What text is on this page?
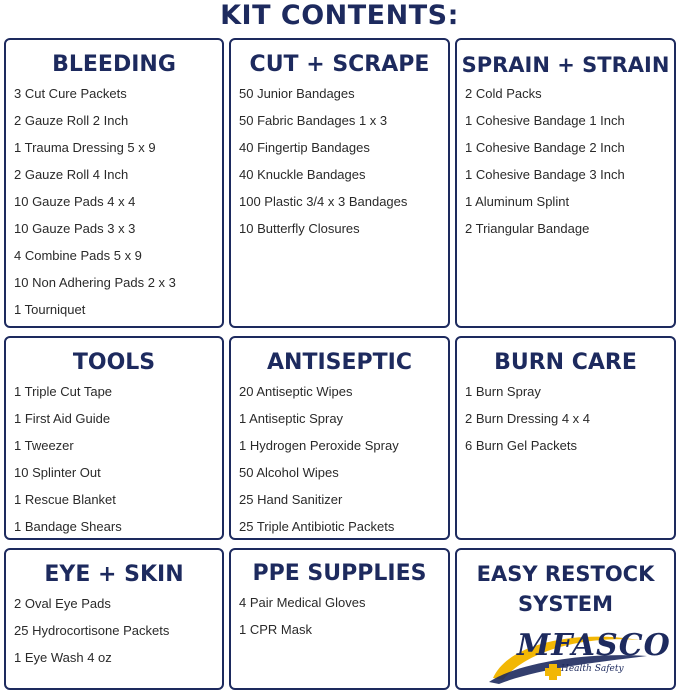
KIT CONTENTS:
BLEEDING
3 Cut Cure Packets
2 Gauze Roll 2 Inch
1 Trauma Dressing 5 x 9
2 Gauze Roll 4 Inch
10 Gauze Pads 4 x 4
10 Gauze Pads 3 x 3
4 Combine Pads 5 x 9
10 Non Adhering Pads 2 x 3
1 Tourniquet
CUT + SCRAPE
50 Junior Bandages
50 Fabric Bandages 1 x 3
40 Fingertip Bandages
40 Knuckle Bandages
100 Plastic 3/4 x 3 Bandages
10 Butterfly Closures
SPRAIN + STRAIN
2 Cold Packs
1 Cohesive Bandage 1 Inch
1 Cohesive Bandage 2 Inch
1 Cohesive Bandage 3 Inch
1 Aluminum Splint
2 Triangular Bandage
TOOLS
1 Triple Cut Tape
1 First Aid Guide
1 Tweezer
10 Splinter Out
1 Rescue Blanket
1 Bandage Shears
ANTISEPTIC
20 Antiseptic Wipes
1 Antiseptic Spray
1 Hydrogen Peroxide Spray
50 Alcohol Wipes
25 Hand Sanitizer
25 Triple Antibiotic Packets
BURN CARE
1 Burn Spray
2 Burn Dressing 4 x 4
6 Burn Gel Packets
EYE + SKIN
2 Oval Eye Pads
25 Hydrocortisone Packets
1 Eye Wash 4 oz
PPE SUPPLIES
4 Pair Medical Gloves
1 CPR Mask
EASY RESTOCK SYSTEM
MFASCO
Health Safety
